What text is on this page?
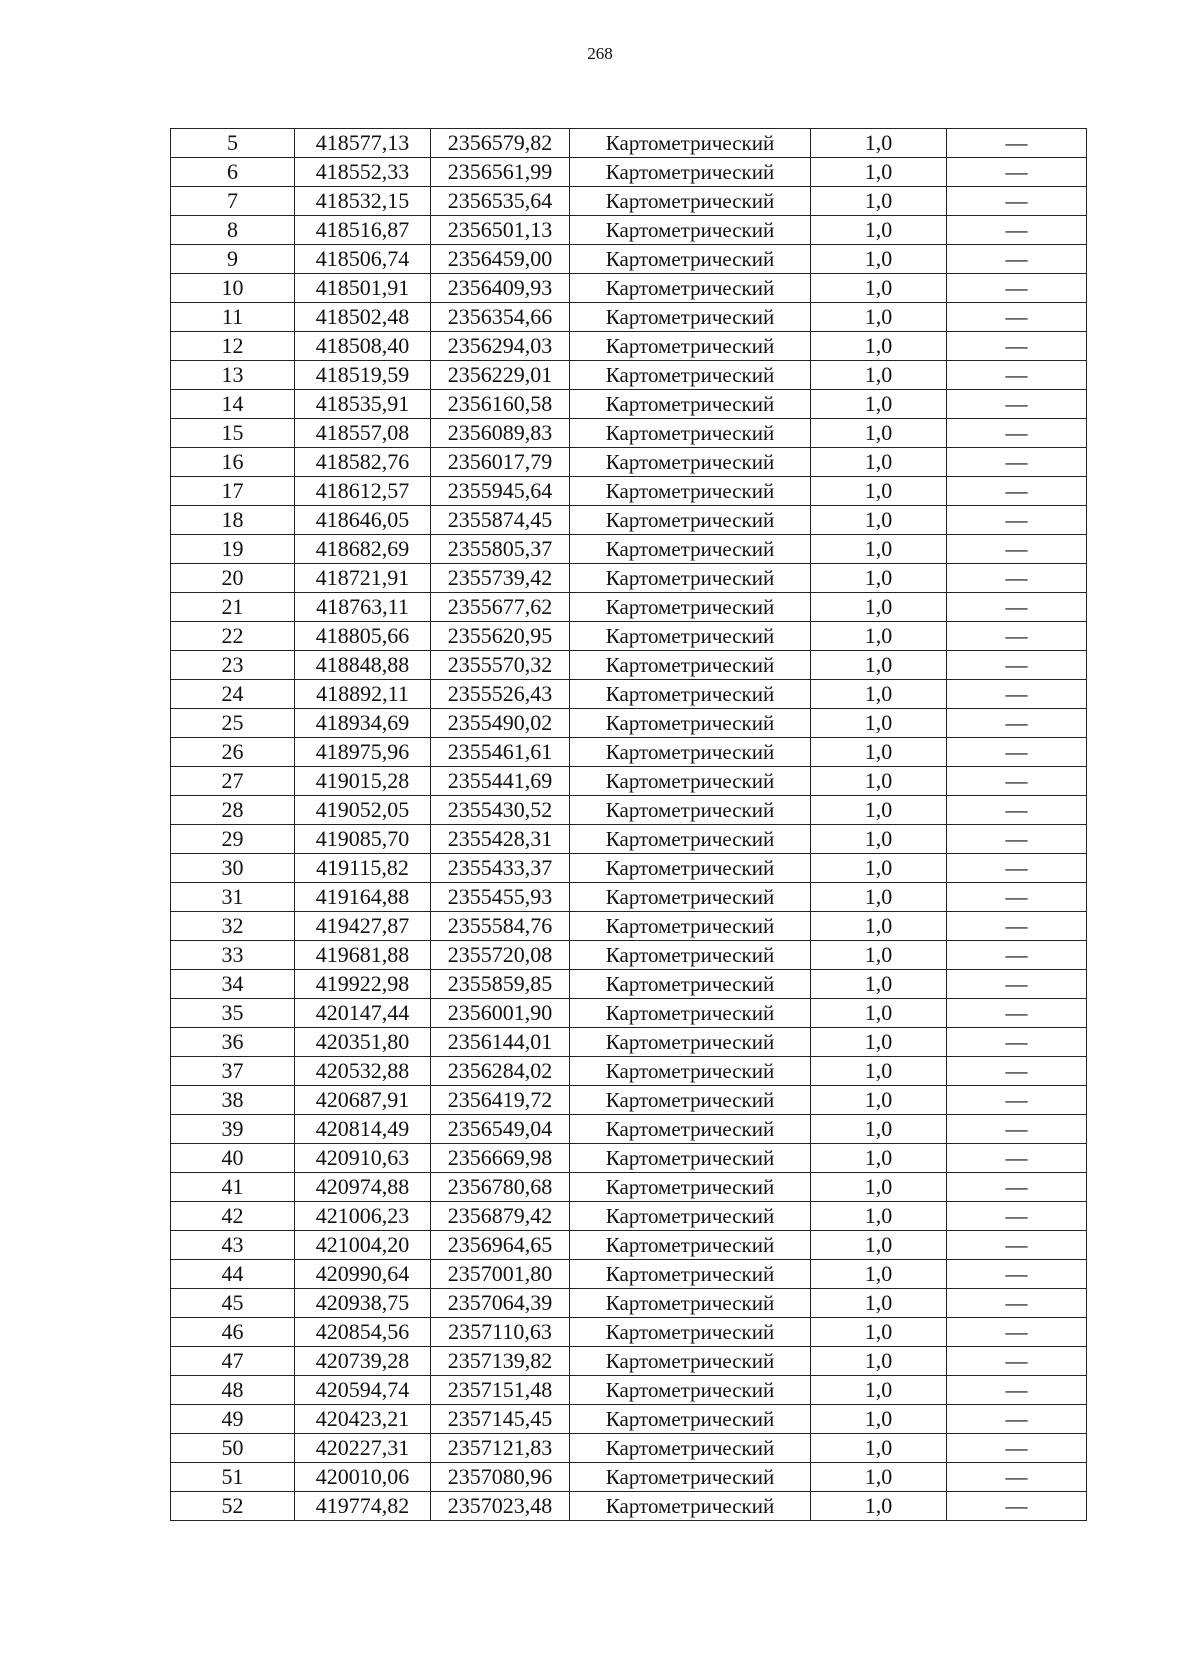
268
5	418577,13	2356579,82	Картометрический	1,0	—
6	418552,33	2356561,99	Картометрический	1,0	—
7	418532,15	2356535,64	Картометрический	1,0	—
8	418516,87	2356501,13	Картометрический	1,0	—
9	418506,74	2356459,00	Картометрический	1,0	—
10	418501,91	2356409,93	Картометрический	1,0	—
11	418502,48	2356354,66	Картометрический	1,0	—
12	418508,40	2356294,03	Картометрический	1,0	—
13	418519,59	2356229,01	Картометрический	1,0	—
14	418535,91	2356160,58	Картометрический	1,0	—
15	418557,08	2356089,83	Картометрический	1,0	—
16	418582,76	2356017,79	Картометрический	1,0	—
17	418612,57	2355945,64	Картометрический	1,0	—
18	418646,05	2355874,45	Картометрический	1,0	—
19	418682,69	2355805,37	Картометрический	1,0	—
20	418721,91	2355739,42	Картометрический	1,0	—
21	418763,11	2355677,62	Картометрический	1,0	—
22	418805,66	2355620,95	Картометрический	1,0	—
23	418848,88	2355570,32	Картометрический	1,0	—
24	418892,11	2355526,43	Картометрический	1,0	—
25	418934,69	2355490,02	Картометрический	1,0	—
26	418975,96	2355461,61	Картометрический	1,0	—
27	419015,28	2355441,69	Картометрический	1,0	—
28	419052,05	2355430,52	Картометрический	1,0	—
29	419085,70	2355428,31	Картометрический	1,0	—
30	419115,82	2355433,37	Картометрический	1,0	—
31	419164,88	2355455,93	Картометрический	1,0	—
32	419427,87	2355584,76	Картометрический	1,0	—
33	419681,88	2355720,08	Картометрический	1,0	—
34	419922,98	2355859,85	Картометрический	1,0	—
35	420147,44	2356001,90	Картометрический	1,0	—
36	420351,80	2356144,01	Картометрический	1,0	—
37	420532,88	2356284,02	Картометрический	1,0	—
38	420687,91	2356419,72	Картометрический	1,0	—
39	420814,49	2356549,04	Картометрический	1,0	—
40	420910,63	2356669,98	Картометрический	1,0	—
41	420974,88	2356780,68	Картометрический	1,0	—
42	421006,23	2356879,42	Картометрический	1,0	—
43	421004,20	2356964,65	Картометрический	1,0	—
44	420990,64	2357001,80	Картометрический	1,0	—
45	420938,75	2357064,39	Картометрический	1,0	—
46	420854,56	2357110,63	Картометрический	1,0	—
47	420739,28	2357139,82	Картометрический	1,0	—
48	420594,74	2357151,48	Картометрический	1,0	—
49	420423,21	2357145,45	Картометрический	1,0	—
50	420227,31	2357121,83	Картометрический	1,0	—
51	420010,06	2357080,96	Картометрический	1,0	—
52	419774,82	2357023,48	Картометрический	1,0	—
